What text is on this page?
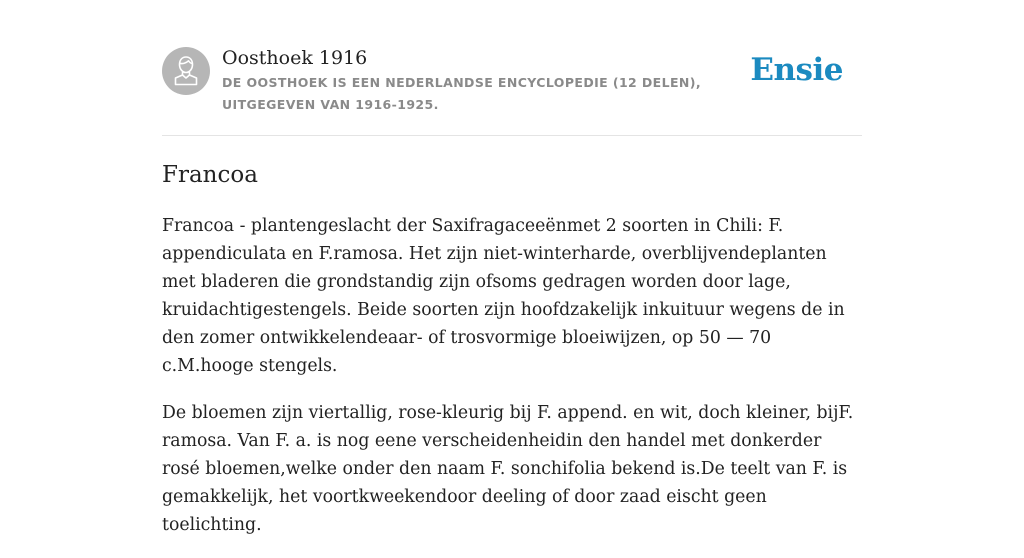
Oosthoek 1916
DE OOSTHOEK IS EEN NEDERLANDSE ENCYCLOPEDIE (12 DELEN), UITGEGEVEN VAN 1916-1925.
Ensie
Francoa

Francoa - plantengeslacht der Saxifragaceeënmet 2 soorten in Chili: F. appendiculata en F.ramosa. Het zijn niet-winterharde, overblijvendeplanten met bladeren die grondstandig zijn ofsoms gedragen worden door lage, kruidachtigestengels. Beide soorten zijn hoofdzakelijk inkuituur wegens de in den zomer ontwikkelendeaar- of trosvormige bloeiwijzen, op 50 — 70 c.M.hooge stengels.

De bloemen zijn viertallig, rose-kleurig bij F. append. en wit, doch kleiner, bijF. ramosa. Van F. a. is nog eene verscheidenheidin den handel met donkerder rosé bloemen,welke onder den naam F. sonchifolia bekend is.De teelt van F. is gemakkelijk, het voortkweekendoor deeling of door zaad eischt geen toelichting.
